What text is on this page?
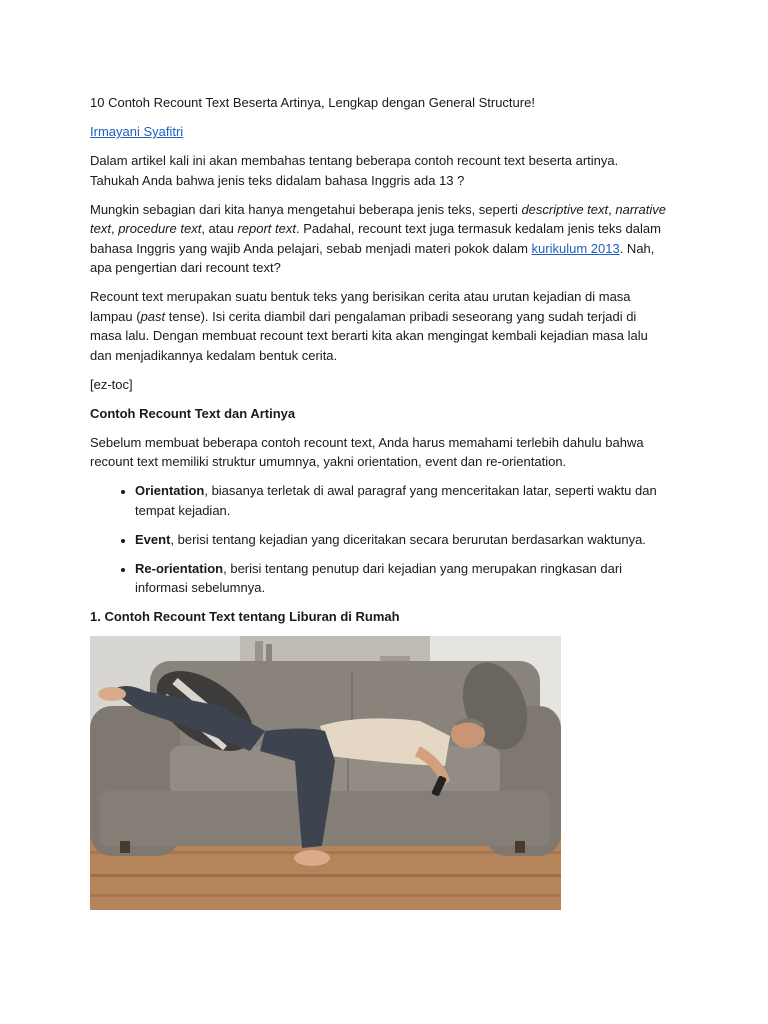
10 Contoh Recount Text Beserta Artinya, Lengkap dengan General Structure!

Irmayani Syafitri

Dalam artikel kali ini akan membahas tentang beberapa contoh recount text beserta artinya. Tahukah Anda bahwa jenis teks didalam bahasa Inggris ada 13 ?

Mungkin sebagian dari kita hanya mengetahui beberapa jenis teks, seperti descriptive text, narrative text, procedure text, atau report text. Padahal, recount text juga termasuk kedalam jenis teks dalam bahasa Inggris yang wajib Anda pelajari, sebab menjadi materi pokok dalam kurikulum 2013. Nah, apa pengertian dari recount text?

Recount text merupakan suatu bentuk teks yang berisikan cerita atau urutan kejadian di masa lampau (past tense). Isi cerita diambil dari pengalaman pribadi seseorang yang sudah terjadi di masa lalu. Dengan membuat recount text berarti kita akan mengingat kembali kejadian masa lalu dan menjadikannya kedalam bentuk cerita.

[ez-toc]

Contoh Recount Text dan Artinya

Sebelum membuat beberapa contoh recount text, Anda harus memahami terlebih dahulu bahwa recount text memiliki struktur umumnya, yakni orientation, event dan re-orientation.

• Orientation, biasanya terletak di awal paragraf yang menceritakan latar, seperti waktu dan tempat kejadian.
• Event, berisi tentang kejadian yang diceritakan secara berurutan berdasarkan waktunya.
• Re-orientation, berisi tentang penutup dari kejadian yang merupakan ringkasan dari informasi sebelumnya.
1. Contoh Recount Text tentang Liburan di Rumah
